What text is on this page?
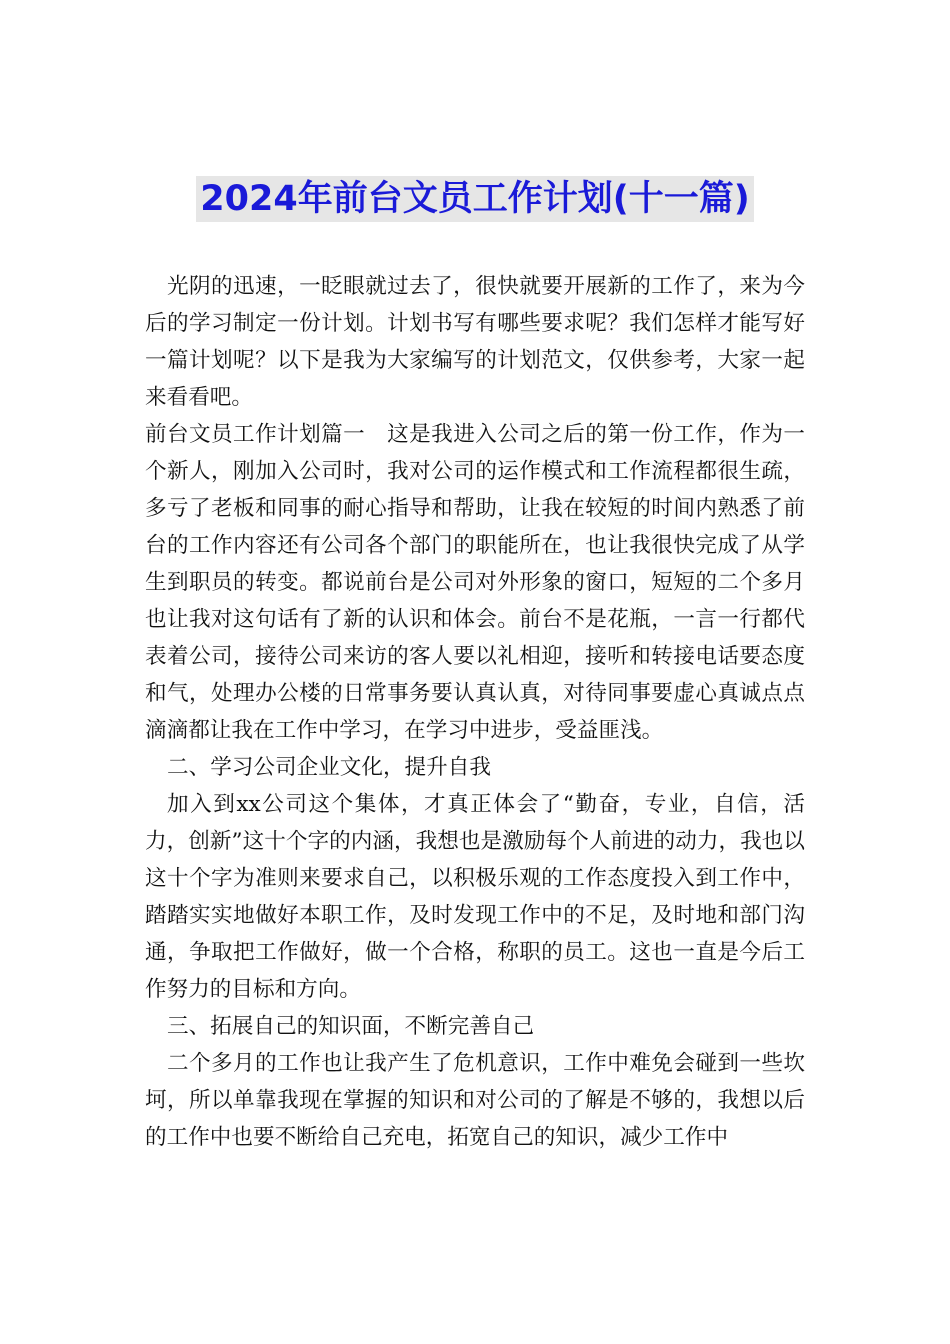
2024年前台文员工作计划(十一篇)

光阴的迅速，一眨眼就过去了，很快就要开展新的工作了，来为今后的学习制定一份计划。计划书写有哪些要求呢？我们怎样才能写好一篇计划呢？以下是我为大家编写的计划范文，仅供参考，大家一起来看看吧。

前台文员工作计划篇一　这是我进入公司之后的第一份工作，作为一个新人，刚加入公司时，我对公司的运作模式和工作流程都很生疏，多亏了老板和同事的耐心指导和帮助，让我在较短的时间内熟悉了前台的工作内容还有公司各个部门的职能所在，也让我很快完成了从学生到职员的转变。都说前台是公司对外形象的窗口，短短的二个多月也让我对这句话有了新的认识和体会。前台不是花瓶，一言一行都代表着公司，接待公司来访的客人要以礼相迎，接听和转接电话要态度和气，处理办公楼的日常事务要认真认真，对待同事要虚心真诚点点滴滴都让我在工作中学习，在学习中进步，受益匪浅。

二、学习公司企业文化，提升自我

加入到xx公司这个集体，才真正体会了“勤奋，专业，自信，活力，创新”这十个字的内涵，我想也是激励每个人前进的动力，我也以这十个字为准则来要求自己，以积极乐观的工作态度投入到工作中，踏踏实实地做好本职工作，及时发现工作中的不足，及时地和部门沟通，争取把工作做好，做一个合格，称职的员工。这也一直是今后工作努力的目标和方向。

三、拓展自己的知识面，不断完善自己

二个多月的工作也让我产生了危机意识，工作中难免会碰到一些坎坷，所以单靠我现在掌握的知识和对公司的了解是不够的，我想以后的工作中也要不断给自己充电，拓宽自己的知识，减少工作中
